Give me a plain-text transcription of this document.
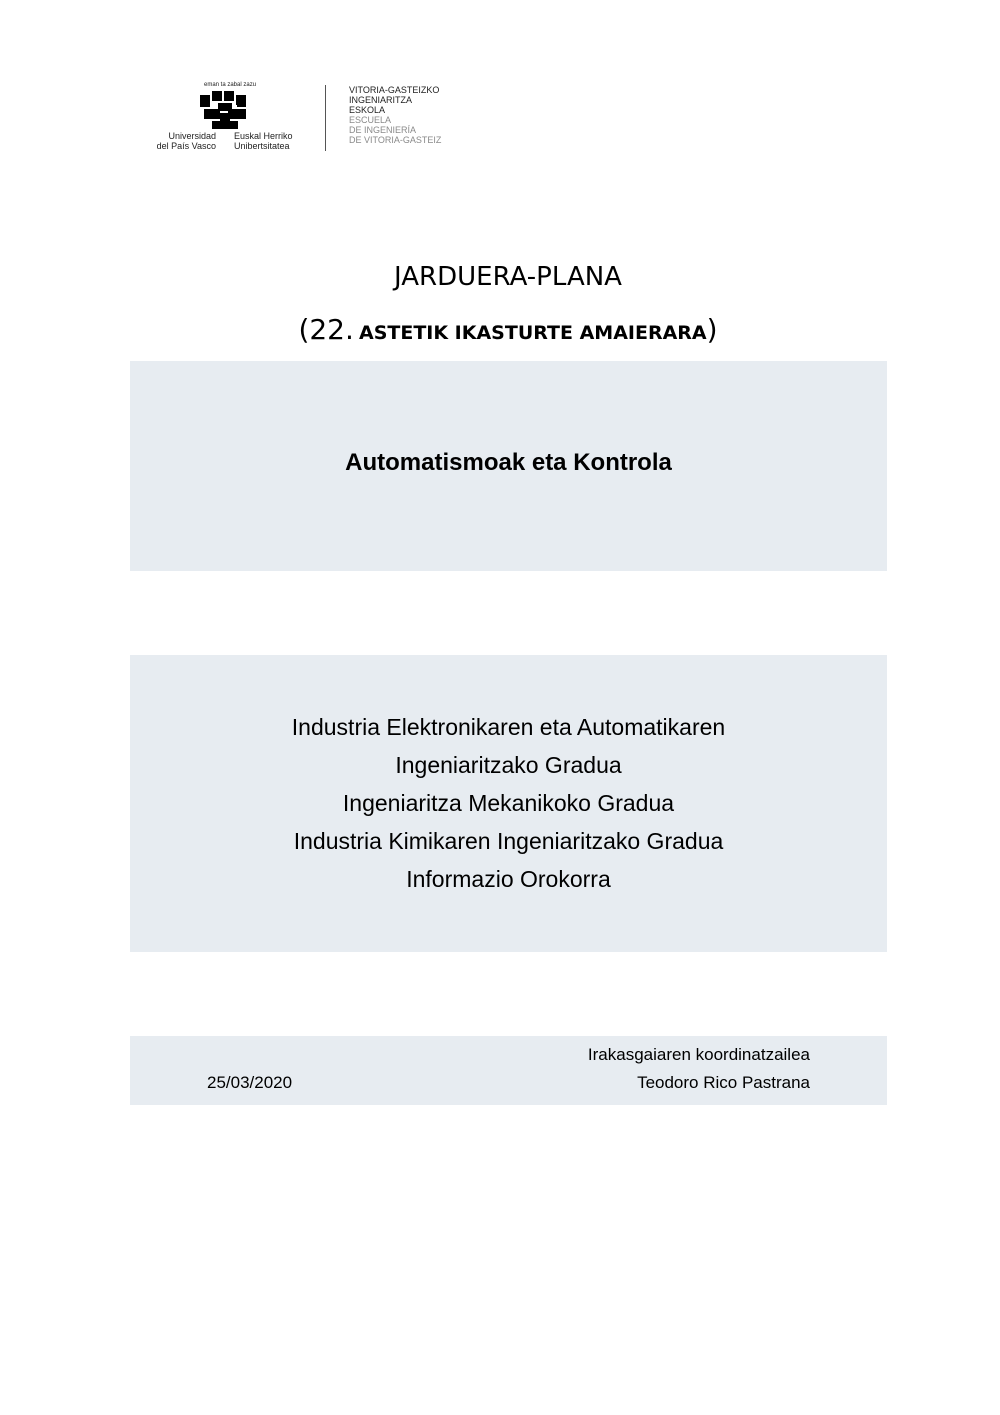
eman ta zabal zazu
Universidad
del País Vasco
Euskal Herriko
Unibertsitatea
VITORIA-GASTEIZKO
INGENIARITZA
ESKOLA
ESCUELA
DE INGENIERÍA
DE VITORIA-GASTEIZ
JARDUERA-PLANA
(22. ASTETIK IKASTURTE AMAIERARA)
Automatismoak eta Kontrola
Industria Elektronikaren eta Automatikaren
Ingeniaritzako Gradua
Ingeniaritza Mekanikoko Gradua
Industria Kimikaren Ingeniaritzako Gradua
Informazio Orokorra
25/03/2020
Irakasgaiaren koordinatzailea
Teodoro Rico Pastrana
